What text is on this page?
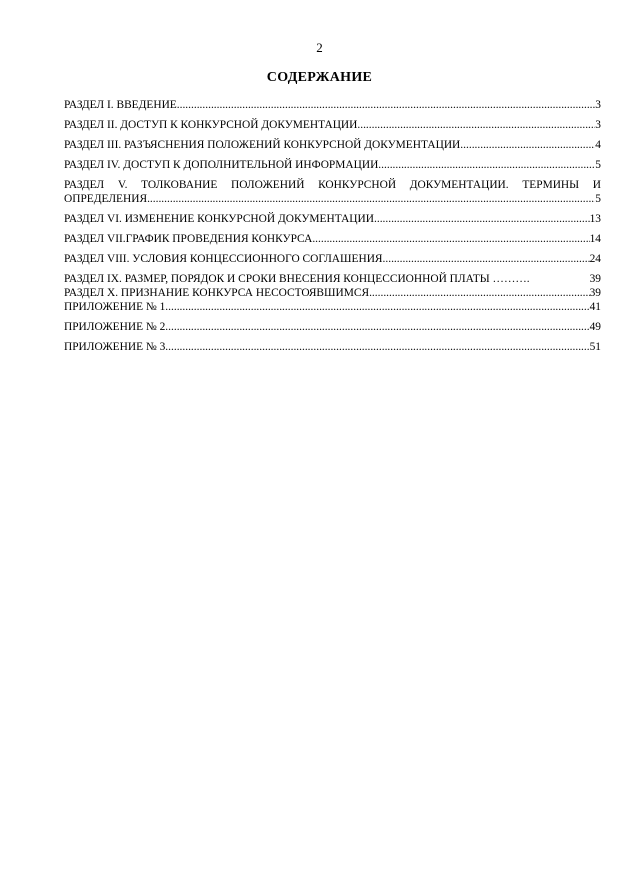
2
СОДЕРЖАНИЕ
РАЗДЕЛ I. ВВЕДЕНИЕ .....	3
РАЗДЕЛ II. ДОСТУП К КОНКУРСНОЙ ДОКУМЕНТАЦИИ .....	3
РАЗДЕЛ III. РАЗЪЯСНЕНИЯ ПОЛОЖЕНИЙ КОНКУРСНОЙ ДОКУМЕНТАЦИИ .....	4
РАЗДЕЛ IV. ДОСТУП К ДОПОЛНИТЕЛЬНОЙ ИНФОРМАЦИИ .....	5
РАЗДЕЛ V. ТОЛКОВАНИЕ ПОЛОЖЕНИЙ КОНКУРСНОЙ ДОКУМЕНТАЦИИ. ТЕРМИНЫ И
ОПРЕДЕЛЕНИЯ .....	5
РАЗДЕЛ VI. ИЗМЕНЕНИЕ КОНКУРСНОЙ ДОКУМЕНТАЦИИ .....	13
РАЗДЕЛ VII.ГРАФИК ПРОВЕДЕНИЯ КОНКУРСА .....	14
РАЗДЕЛ VIII. УСЛОВИЯ КОНЦЕССИОННОГО СОГЛАШЕНИЯ .....	24
РАЗДЕЛ IX. РАЗМЕР, ПОРЯДОК И СРОКИ ВНЕСЕНИЯ КОНЦЕССИОННОЙ ПЛАТЫ ……….	39
РАЗДЕЛ X. ПРИЗНАНИЕ КОНКУРСА НЕСОСТОЯВШИМСЯ .....	39
ПРИЛОЖЕНИЕ № 1 .....	41
ПРИЛОЖЕНИЕ № 2 .....	49
ПРИЛОЖЕНИЕ № 3 .....	51
